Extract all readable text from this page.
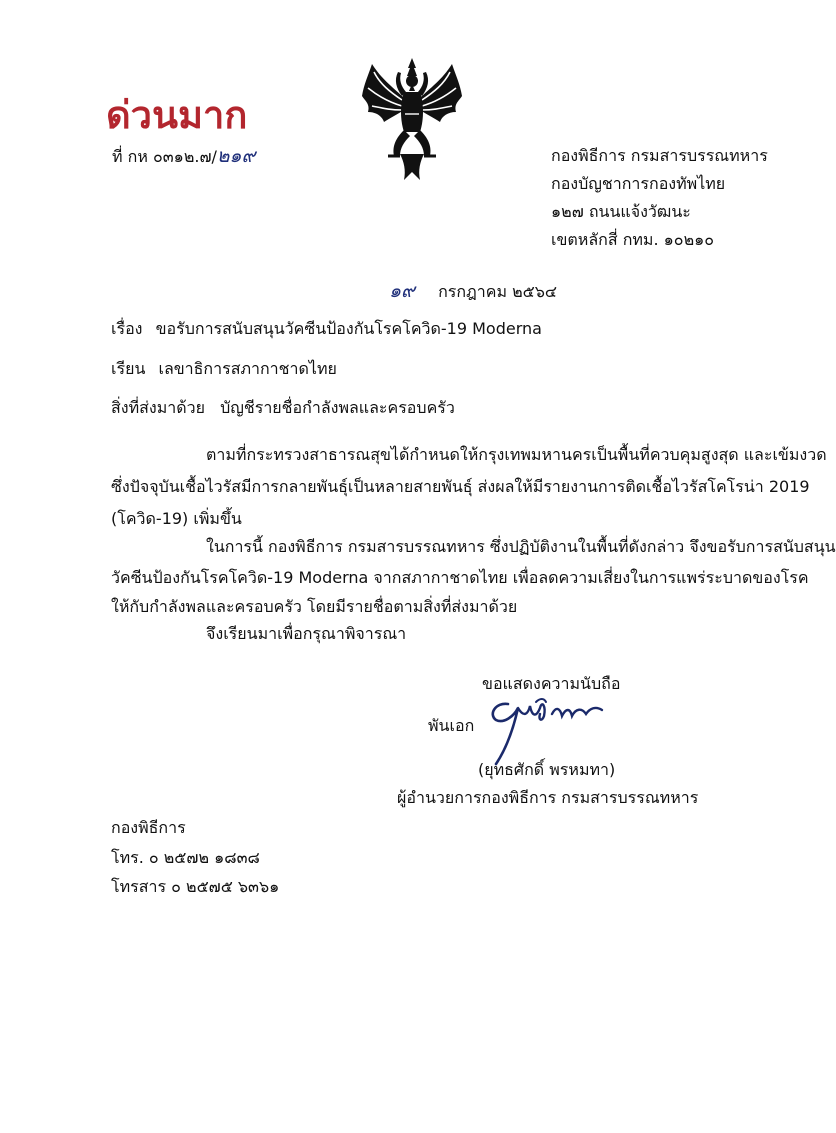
ด่วนมาก
ที่ กห ๐๓๑๒.๗/๒๑๙	กองพิธีการ กรมสารบรรณทหาร
กองบัญชาการกองทัพไทย
๑๒๗ ถนนแจ้งวัฒนะ
เขตหลักสี่ กทม. ๑๐๒๑๐
๑๙ กรกฎาคม ๒๕๖๔
เรื่อง ขอรับการสนับสนุนวัคซีนป้องกันโรคโควิด-19 Moderna
เรียน เลขาธิการสภากาชาดไทย
สิ่งที่ส่งมาด้วย บัญชีรายชื่อกำลังพลและครอบครัว
ตามที่กระทรวงสาธารณสุขได้กำหนดให้กรุงเทพมหานครเป็นพื้นที่ควบคุมสูงสุด และเข้มงวด
ซึ่งปัจจุบันเชื้อไวรัสมีการกลายพันธุ์เป็นหลายสายพันธุ์ ส่งผลให้มีรายงานการติดเชื้อไวรัสโคโรน่า 2019
(โควิด-19) เพิ่มขึ้น
ในการนี้ กองพิธีการ กรมสารบรรณทหาร ซึ่งปฏิบัติงานในพื้นที่ดังกล่าว จึงขอรับการสนับสนุน
วัคซีนป้องกันโรคโควิด-19 Moderna จากสภากาชาดไทย เพื่อลดความเสี่ยงในการแพร่ระบาดของโรค
ให้กับกำลังพลและครอบครัว โดยมีรายชื่อตามสิ่งที่ส่งมาด้วย
จึงเรียนมาเพื่อกรุณาพิจารณา
ขอแสดงความนับถือ
พันเอก
(ยุทธศักดิ์ พรหมทา)
ผู้อำนวยการกองพิธีการ กรมสารบรรณทหาร
กองพิธีการ
โทร. ๐ ๒๕๗๒ ๑๘๓๘
โทรสาร ๐ ๒๕๗๕ ๖๓๖๑
